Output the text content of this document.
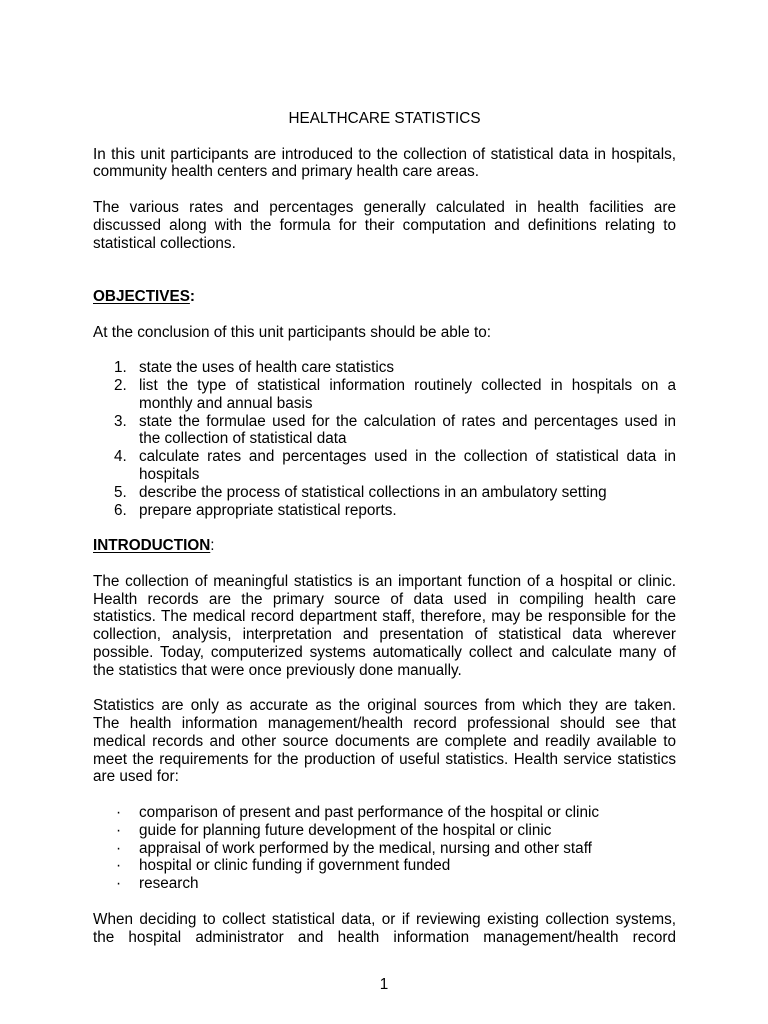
HEALTHCARE STATISTICS
In this unit participants are introduced to the collection of statistical data in hospitals,
community health centers and primary health care areas.
The various rates and percentages generally calculated in health facilities are
discussed along with the formula for their computation and definitions relating to
statistical collections.
OBJECTIVES:
At the conclusion of this unit participants should be able to:
1. state the uses of health care statistics
2. list the type of statistical information routinely collected in hospitals on a
monthly and annual basis
3. state the formulae used for the calculation of rates and percentages used in
the collection of statistical data
4. calculate rates and percentages used in the collection of statistical data in
hospitals
5. describe the process of statistical collections in an ambulatory setting
6. prepare appropriate statistical reports.
INTRODUCTION:
The collection of meaningful statistics is an important function of a hospital or clinic.
Health records are the primary source of data used in compiling health care
statistics. The medical record department staff, therefore, may be responsible for the
collection, analysis, interpretation and presentation of statistical data wherever
possible. Today, computerized systems automatically collect and calculate many of
the statistics that were once previously done manually.
Statistics are only as accurate as the original sources from which they are taken.
The health information management/health record professional should see that
medical records and other source documents are complete and readily available to
meet the requirements for the production of useful statistics. Health service statistics
are used for:
· comparison of present and past performance of the hospital or clinic
· guide for planning future development of the hospital or clinic
· appraisal of work performed by the medical, nursing and other staff
· hospital or clinic funding if government funded
· research
When deciding to collect statistical data, or if reviewing existing collection systems,
the hospital administrator and health information management/health record
1
